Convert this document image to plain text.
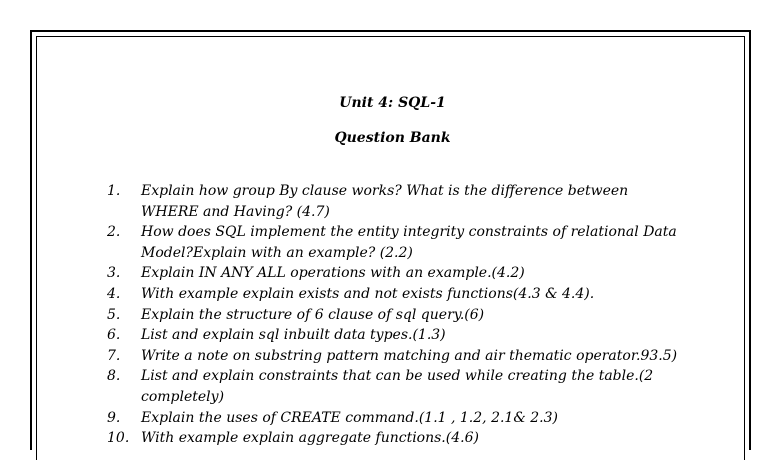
Unit 4: SQL-1
Question Bank
1.	Explain how group By clause works? What is the difference between
WHERE and Having? (4.7)
2.	How does SQL implement the entity integrity constraints of relational Data
Model?Explain with an example? (2.2)
3.	Explain IN ANY ALL operations with an example.(4.2)
4.	With example explain exists and not exists functions(4.3 & 4.4).
5.	Explain the structure of 6 clause of sql query.(6)
6.	List and explain sql inbuilt data types.(1.3)
7.	Write a note on substring pattern matching and air thematic operator.93.5)
8.	List and explain constraints that can be used while creating the table.(2
completely)
9.	Explain the uses of CREATE command.(1.1 , 1.2, 2.1& 2.3)
10. With example explain aggregate functions.(4.6)
